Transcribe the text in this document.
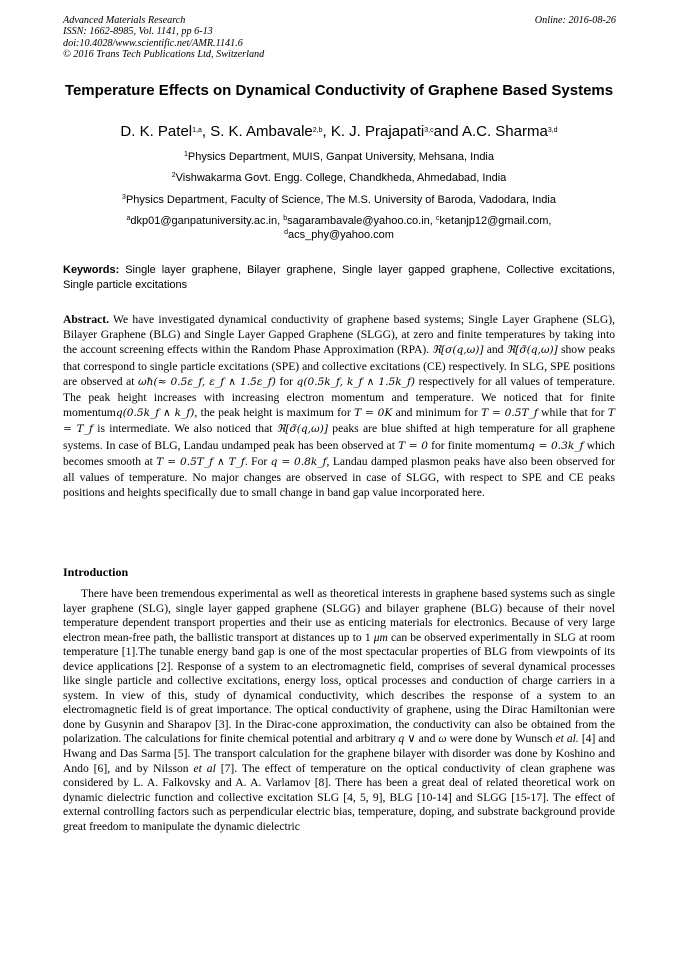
Advanced Materials Research
ISSN: 1662-8985, Vol. 1141, pp 6-13
doi:10.4028/www.scientific.net/AMR.1141.6
© 2016 Trans Tech Publications Ltd, Switzerland
Online: 2016-08-26
Temperature Effects on Dynamical Conductivity of Graphene Based Systems
D. K. Patel$^{1,a}$, S. K. Ambavale$^{2,b}$, K. J. Prajapati$^{3,c}$and A.C. Sharma$^{3,d}$
$^1$Physics Department, MUIS, Ganpat University, Mehsana, India
$^2$Vishwakarma Govt. Engg. College, Chandkheda, Ahmedabad, India
$^3$Physics Department, Faculty of Science, The M.S. University of Baroda, Vadodara, India
$^a$dkp01@ganpatuniversity.ac.in, $^b$sagarambavale@yahoo.co.in, $^c$ketanjp12@gmail.com,
$^d$acs_phy@yahoo.com
Keywords: Single layer graphene, Bilayer graphene, Single layer gapped graphene, Collective excitations, Single particle excitations
Abstract. We have investigated dynamical conductivity of graphene based systems; Single Layer Graphene (SLG), Bilayer Graphene (BLG) and Single Layer Gapped Graphene (SLGG), at zero and finite temperatures by taking into the account screening effects within the Random Phase Approximation (RPA). ℜ[σ(q,ω)] and ℜ[σ̃(q,ω)] show peaks that correspond to single particle excitations (SPE) and collective excitations (CE) respectively. In SLG, SPE positions are observed at ωħ(≈ 0.5ε_f, ε_f ∧ 1.5ε_f) for q(0.5k_f, k_f ∧ 1.5k_f) respectively for all values of temperature. The peak height increases with increasing electron momentum and temperature. We noticed that for finite momentumq(0.5k_f ∧ k_f), the peak height is maximum for T = 0K and minimum for T = 0.5T_f while that for T = T_f is intermediate. We also noticed that ℜ[σ̃(q,ω)] peaks are blue shifted at high temperature for all graphene systems. In case of BLG, Landau undamped peak has been observed at T = 0 for finite momentumq = 0.3k_f which becomes smooth at T = 0.5T_f ∧ T_f. For q = 0.8k_f, Landau damped plasmon peaks have also been observed for all values of temperature. No major changes are observed in case of SLGG, with respect to SPE and CE peaks positions and heights specifically due to small change in band gap value incorporated here.
Introduction
There have been tremendous experimental as well as theoretical interests in graphene based systems such as single layer graphene (SLG), single layer gapped graphene (SLGG) and bilayer graphene (BLG) because of their novel temperature dependent transport properties and their use as enticing materials for electronics. Because of very large electron mean-free path, the ballistic transport at distances up to 1 μm can be observed experimentally in SLG at room temperature [1].The tunable energy band gap is one of the most spectacular properties of BLG from viewpoints of its device applications [2]. Response of a system to an electromagnetic field, comprises of several dynamical processes like single particle and collective excitations, energy loss, optical processes and conduction of charge carriers in a system. In view of this, study of dynamical conductivity, which describes the response of a system to an electromagnetic field is of great importance. The optical conductivity of graphene, using the Dirac Hamiltonian were done by Gusynin and Sharapov [3]. In the Dirac-cone approximation, the conductivity can also be obtained from the polarization. The calculations for finite chemical potential and arbitrary q ∨ and ω were done by Wunsch et al. [4] and Hwang and Das Sarma [5]. The transport calculation for the graphene bilayer with disorder was done by Koshino and Ando [6], and by Nilsson et al [7]. The effect of temperature on the optical conductivity of clean graphene was considered by L. A. Falkovsky and A. A. Varlamov [8]. There has been a great deal of related theoretical work on dynamic dielectric function and collective excitation SLG [4, 5, 9], BLG [10-14] and SLGG [15-17]. The effect of external controlling factors such as perpendicular electric bias, temperature, doping, and substrate background provide great freedom to manipulate the dynamic dielectric
